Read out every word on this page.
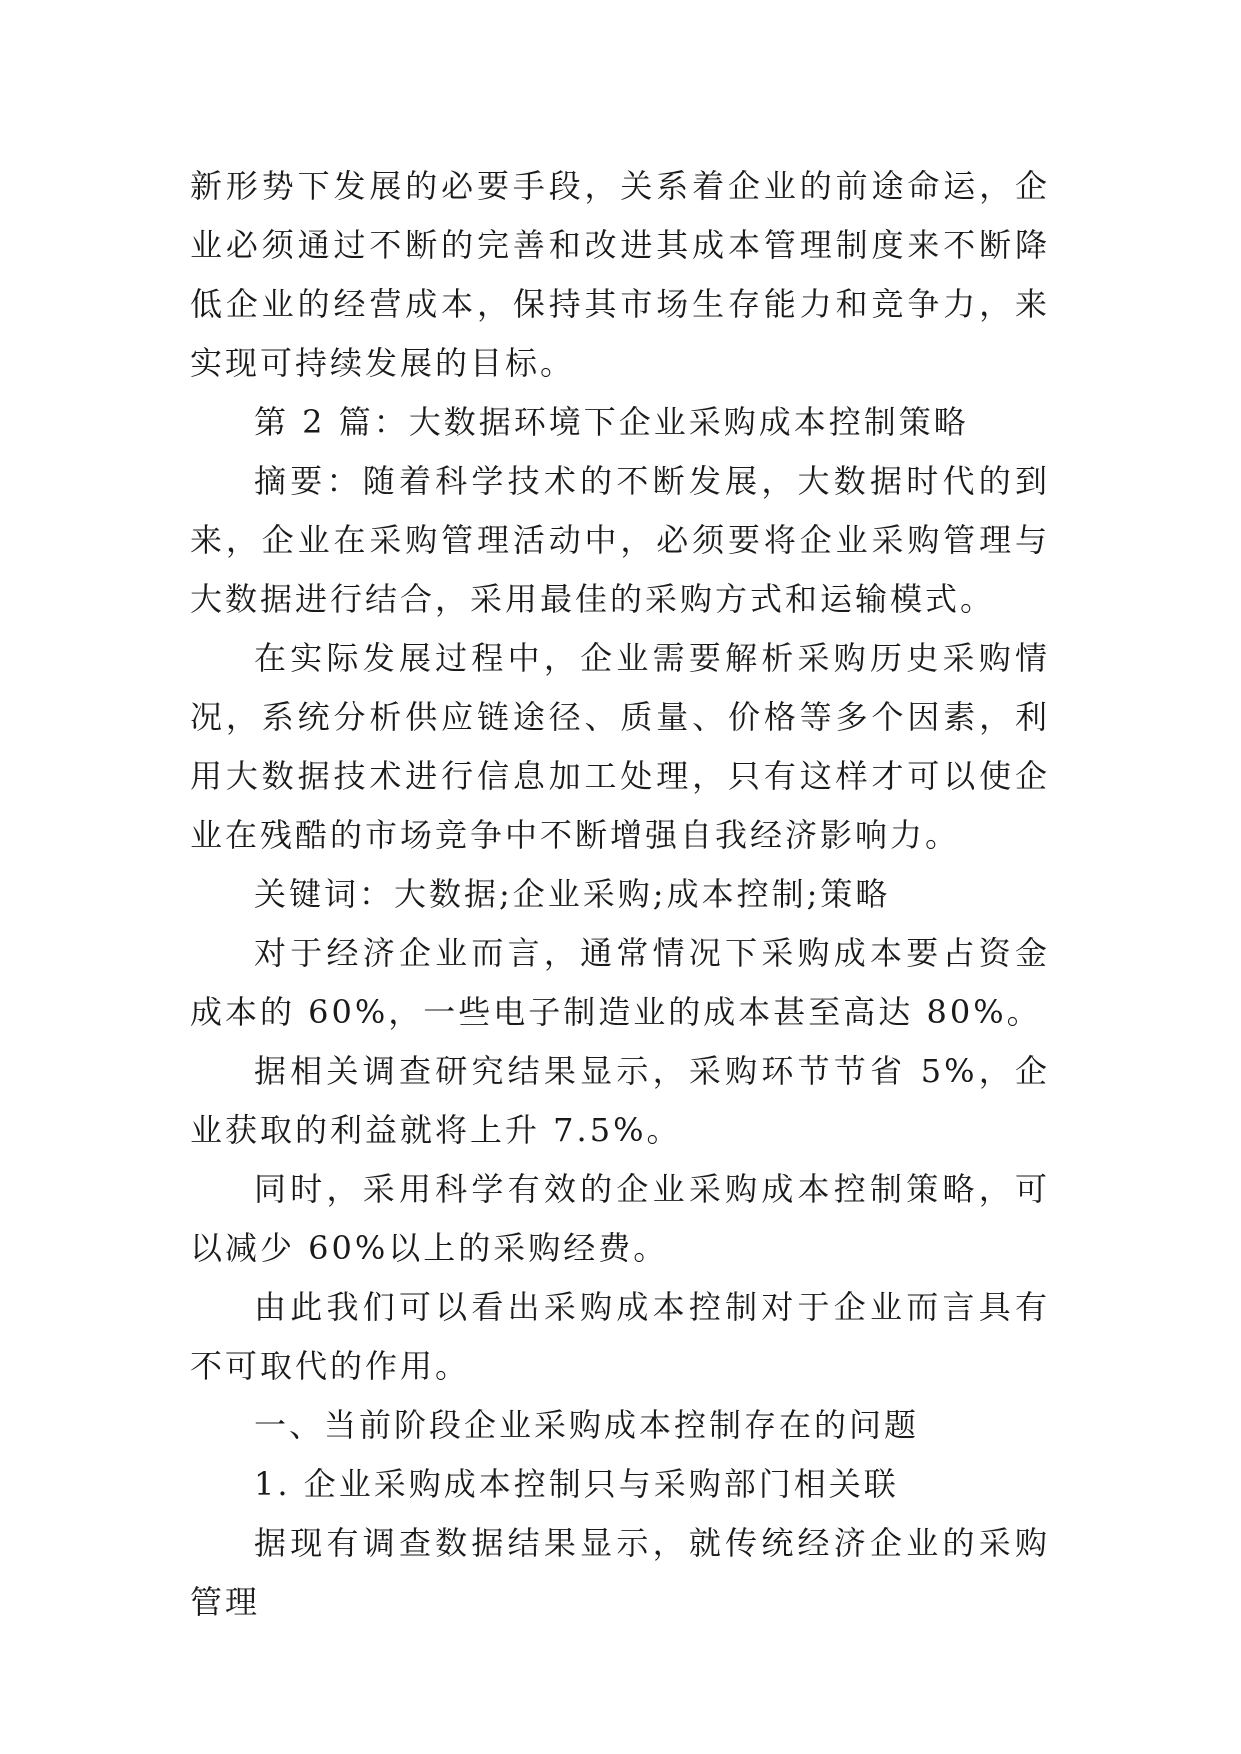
新形势下发展的必要手段，关系着企业的前途命运，企业必须通过不断的完善和改进其成本管理制度来不断降低企业的经营成本，保持其市场生存能力和竞争力，来实现可持续发展的目标。

第 2 篇：大数据环境下企业采购成本控制策略

摘要：随着科学技术的不断发展，大数据时代的到来，企业在采购管理活动中，必须要将企业采购管理与大数据进行结合，采用最佳的采购方式和运输模式。

在实际发展过程中，企业需要解析采购历史采购情况，系统分析供应链途径、质量、价格等多个因素，利用大数据技术进行信息加工处理，只有这样才可以使企业在残酷的市场竞争中不断增强自我经济影响力。

关键词：大数据;企业采购;成本控制;策略

对于经济企业而言，通常情况下采购成本要占资金成本的 60%，一些电子制造业的成本甚至高达 80%。

据相关调查研究结果显示，采购环节节省 5%，企业获取的利益就将上升 7.5%。

同时，采用科学有效的企业采购成本控制策略，可以减少 60%以上的采购经费。

由此我们可以看出采购成本控制对于企业而言具有不可取代的作用。

一、当前阶段企业采购成本控制存在的问题

1. 企业采购成本控制只与采购部门相关联

据现有调查数据结果显示，就传统经济企业的采购管理
